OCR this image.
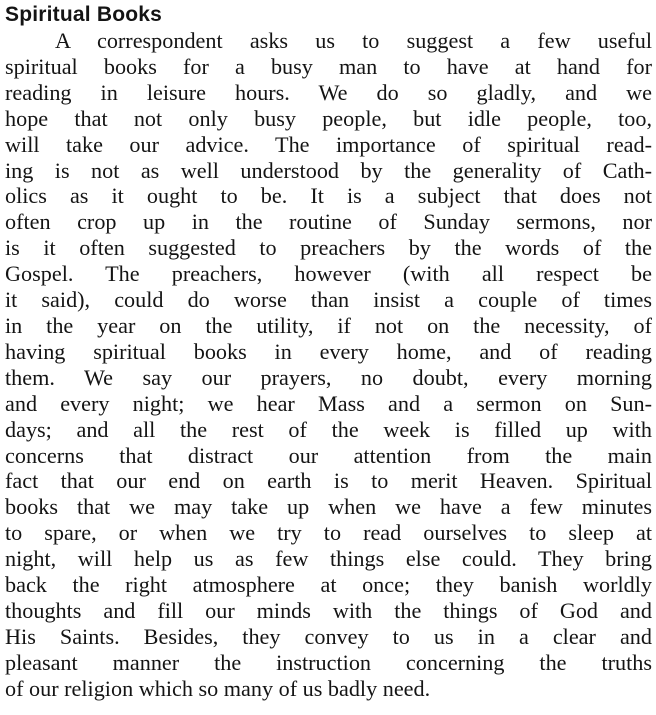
Spiritual Books
A correspondent asks us to suggest a few useful
spiritual books for a busy man to have at hand for
reading in leisure hours. We do so gladly, and we
hope that not only busy people, but idle people, too,
will take our advice. The importance of spiritual read-
ing is not as well understood by the generality of Cath-
olics as it ought to be. It is a subject that does not
often crop up in the routine of Sunday sermons, nor
is it often suggested to preachers by the words of the
Gospel. The preachers, however (with all respect be
it said), could do worse than insist a couple of times
in the year on the utility, if not on the necessity, of
having spiritual books in every home, and of reading
them. We say our prayers, no doubt, every morning
and every night; we hear Mass and a sermon on Sun-
days; and all the rest of the week is filled up with
concerns that distract our attention from the main
fact that our end on earth is to merit Heaven. Spiritual
books that we may take up when we have a few minutes
to spare, or when we try to read ourselves to sleep at
night, will help us as few things else could. They bring
back the right atmosphere at once; they banish worldly
thoughts and fill our minds with the things of God and
His Saints. Besides, they convey to us in a clear and
pleasant manner the instruction concerning the truths
of our religion which so many of us badly need.
